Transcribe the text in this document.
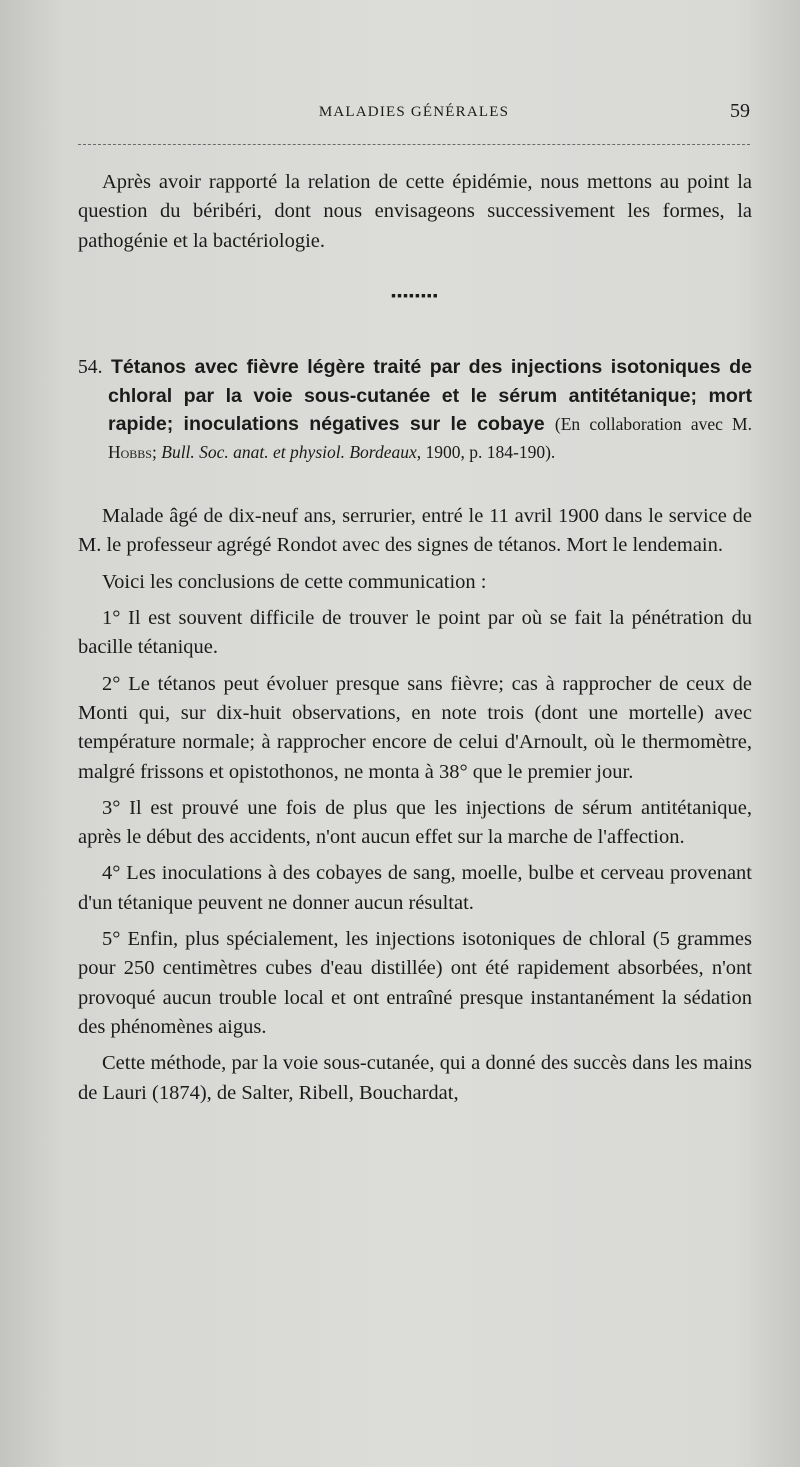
MALADIES GÉNÉRALES	59

Après avoir rapporté la relation de cette épidémie, nous mettons au point la question du béribéri, dont nous envisageons successivement les formes, la pathogénie et la bactériologie.

▪▪▪▪▪▪▪▪
54. Tétanos avec fièvre légère traité par des injections isotoniques de chloral par la voie sous-cutanée et le sérum antitétanique; mort rapide; inoculations négatives sur le cobaye (En collaboration avec M. Hobbs; Bull. Soc. anat. et physiol. Bordeaux, 1900, p. 184-190).

Malade âgé de dix-neuf ans, serrurier, entré le 11 avril 1900 dans le service de M. le professeur agrégé Rondot avec des signes de tétanos. Mort le lendemain.

Voici les conclusions de cette communication :

1° Il est souvent difficile de trouver le point par où se fait la pénétration du bacille tétanique.

2° Le tétanos peut évoluer presque sans fièvre; cas à rapprocher de ceux de Monti qui, sur dix-huit observations, en note trois (dont une mortelle) avec température normale; à rapprocher encore de celui d'Arnoult, où le thermomètre, malgré frissons et opistothonos, ne monta à 38° que le premier jour.

3° Il est prouvé une fois de plus que les injections de sérum antitétanique, après le début des accidents, n'ont aucun effet sur la marche de l'affection.

4° Les inoculations à des cobayes de sang, moelle, bulbe et cerveau provenant d'un tétanique peuvent ne donner aucun résultat.

5° Enfin, plus spécialement, les injections isotoniques de chloral (5 grammes pour 250 centimètres cubes d'eau distillée) ont été rapidement absorbées, n'ont provoqué aucun trouble local et ont entraîné presque instantanément la sédation des phénomènes aigus.

Cette méthode, par la voie sous-cutanée, qui a donné des succès dans les mains de Lauri (1874), de Salter, Ribell, Bouchardat,
